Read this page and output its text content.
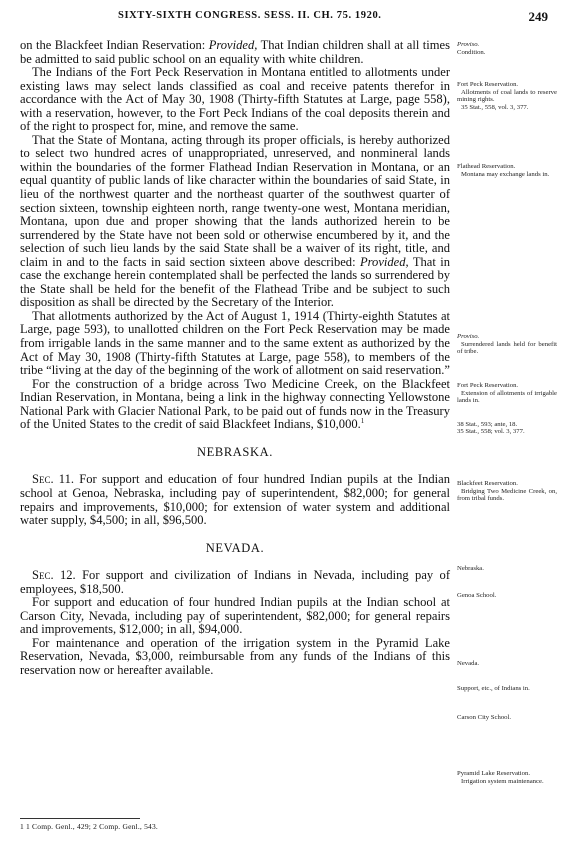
SIXTY-SIXTH CONGRESS. SESS. II. CH. 75. 1920.	249

on the Blackfeet Indian Reservation: Provided, That Indian children shall at all times be admitted to said public school on an equality with white children.

The Indians of the Fort Peck Reservation in Montana entitled to allotments under existing laws may select lands classified as coal and receive patents therefor in accordance with the Act of May 30, 1908 (Thirty-fifth Statutes at Large, page 558), with a reservation, however, to the Fort Peck Indians of the coal deposits therein and of the right to prospect for, mine, and remove the same.

That the State of Montana, acting through its proper officials, is hereby authorized to select two hundred acres of unappropriated, unreserved, and nonmineral lands within the boundaries of the former Flathead Indian Reservation in Montana, or an equal quantity of public lands of like character within the boundaries of said State, in lieu of the northwest quarter and the northeast quarter of the southwest quarter of section sixteen, township eighteen north, range twenty-one west, Montana meridian, Montana, upon due and proper showing that the lands authorized herein to be surrendered by the State have not been sold or otherwise encumbered by it, and the selection of such lieu lands by the said State shall be a waiver of its right, title, and claim in and to the facts in said section sixteen above described: Provided, That in case the exchange herein contemplated shall be perfected the lands so surrendered by the State shall be held for the benefit of the Flathead Tribe and be subject to such disposition as shall be directed by the Secretary of the Interior.

That allotments authorized by the Act of August 1, 1914 (Thirty-eighth Statutes at Large, page 593), to unallotted children on the Fort Peck Reservation may be made from irrigable lands in the same manner and to the same extent as authorized by the Act of May 30, 1908 (Thirty-fifth Statutes at Large, page 558), to members of the tribe “living at the day of the beginning of the work of allotment on said reservation.”

For the construction of a bridge across Two Medicine Creek, on the Blackfeet Indian Reservation, in Montana, being a link in the highway connecting Yellowstone National Park with Glacier National Park, to be paid out of funds now in the Treasury of the United States to the credit of said Blackfeet Indians, $10,000.$^1$

NEBRASKA.

Sec. 11. For support and education of four hundred Indian pupils at the Indian school at Genoa, Nebraska, including pay of superintendent, $82,000; for general repairs and improvements, $10,000; for extension of water system and additional water supply, $4,500; in all, $96,500.

NEVADA.

Sec. 12. For support and civilization of Indians in Nevada, including pay of employees, $18,500.

For support and education of four hundred Indian pupils at the Indian school at Carson City, Nevada, including pay of superintendent, $82,000; for general repairs and improvements, $12,000; in all, $94,000.

For maintenance and operation of the irrigation system in the Pyramid Lake Reservation, Nevada, $3,000, reimbursable from any funds of the Indians of this reservation now or hereafter available.

Proviso.
Condition.
Fort Peck Reservation.
Allotments of coal lands to reserve mining rights.
35 Stat., 558, vol. 3, 377.
Flathead Reservation.
Montana may exchange lands in.
Proviso.
Surrendered lands held for benefit of tribe.
Fort Peck Reservation.
Extension of allotments of irrigable lands in.
38 Stat., 593; ante, 18.
35 Stat., 558; vol. 3, 377.
Blackfeet Reservation.
Bridging Two Medicine Creek, on, from tribal funds.
Nebraska.
Genoa School.
Nevada.
Support, etc., of Indians in.
Carson City School.
Pyramid Lake Reservation.
Irrigation system maintenance.
1 1 Comp. Genl., 429; 2 Comp. Genl., 543.
